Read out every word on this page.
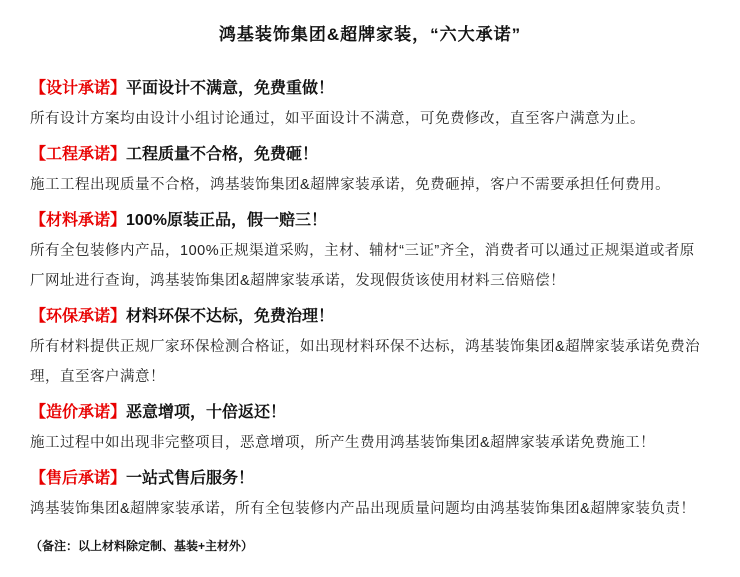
鸿基装饰集团&超牌家装，“六大承诺”

【设计承诺】平面设计不满意，免费重做！

所有设计方案均由设计小组讨论通过，如平面设计不满意，可免费修改，直至客户满意为止。

【工程承诺】工程质量不合格，免费砸！

施工工程出现质量不合格，鸿基装饰集团&超牌家装承诺，免费砸掉，客户不需要承担任何费用。

【材料承诺】100%原装正品，假一赔三！

所有全包装修内产品，100%正规渠道采购，主材、辅材“三证”齐全，消费者可以通过正规渠道或者原
厂网址进行查询，鸿基装饰集团&超牌家装承诺，发现假货该使用材料三倍赔偿！

【环保承诺】材料环保不达标，免费治理！

所有材料提供正规厂家环保检测合格证，如出现材料环保不达标，鸿基装饰集团&超牌家装承诺免费治
理，直至客户满意！

【造价承诺】恶意增项，十倍返还！

施工过程中如出现非完整项目，恶意增项，所产生费用鸿基装饰集团&超牌家装承诺免费施工！

【售后承诺】一站式售后服务！

鸿基装饰集团&超牌家装承诺，所有全包装修内产品出现质量问题均由鸿基装饰集团&超牌家装负责！

（备注：以上材料除定制、基装+主材外）
